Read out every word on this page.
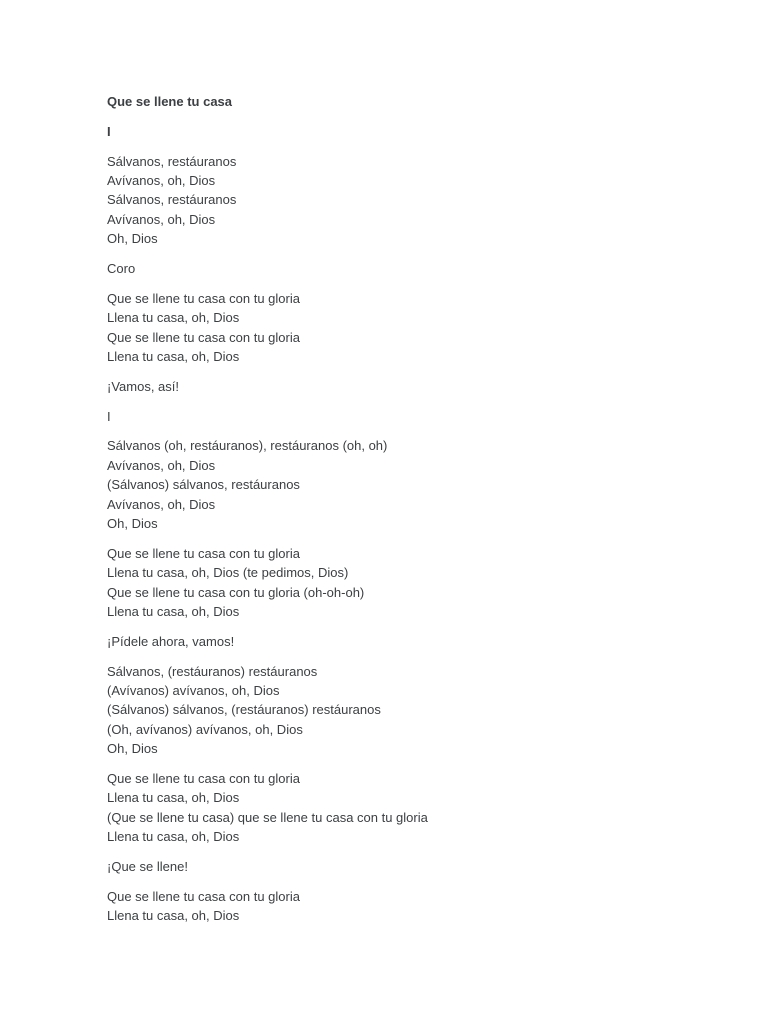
Que se llene tu casa
I
Sálvanos, restáuranos
Avívanos, oh, Dios
Sálvanos, restáuranos
Avívanos, oh, Dios
Oh, Dios
Coro
Que se llene tu casa con tu gloria
Llena tu casa, oh, Dios
Que se llene tu casa con tu gloria
Llena tu casa, oh, Dios
¡Vamos, así!
I
Sálvanos (oh, restáuranos), restáuranos (oh, oh)
Avívanos, oh, Dios
(Sálvanos) sálvanos, restáuranos
Avívanos, oh, Dios
Oh, Dios
Que se llene tu casa con tu gloria
Llena tu casa, oh, Dios (te pedimos, Dios)
Que se llene tu casa con tu gloria (oh-oh-oh)
Llena tu casa, oh, Dios
¡Pídele ahora, vamos!
Sálvanos, (restáuranos) restáuranos
(Avívanos) avívanos, oh, Dios
(Sálvanos) sálvanos, (restáuranos) restáuranos
(Oh, avívanos) avívanos, oh, Dios
Oh, Dios
Que se llene tu casa con tu gloria
Llena tu casa, oh, Dios
(Que se llene tu casa) que se llene tu casa con tu gloria
Llena tu casa, oh, Dios
¡Que se llene!
Que se llene tu casa con tu gloria
Llena tu casa, oh, Dios
